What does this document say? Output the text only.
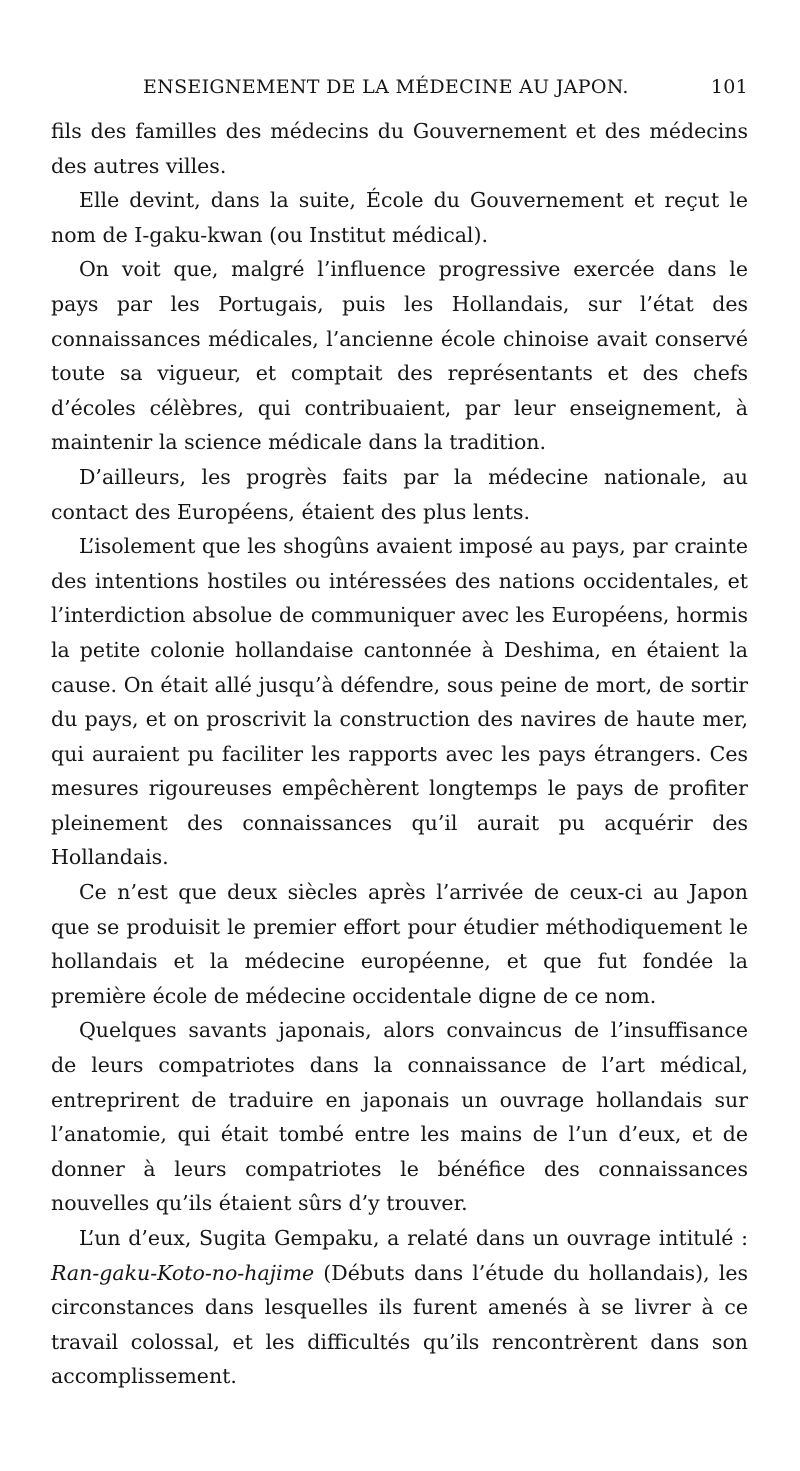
ENSEIGNEMENT DE LA MÉDECINE AU JAPON.	101

fils des familles des médecins du Gouvernement et des médecins des autres villes.

Elle devint, dans la suite, École du Gouvernement et reçut le nom de I-gaku-kwan (ou Institut médical).

On voit que, malgré l’influence progressive exercée dans le pays par les Portugais, puis les Hollandais, sur l’état des connaissances médicales, l’ancienne école chinoise avait conservé toute sa vigueur, et comptait des représentants et des chefs d’écoles célèbres, qui contribuaient, par leur enseignement, à maintenir la science médicale dans la tradition.

D’ailleurs, les progrès faits par la médecine nationale, au contact des Européens, étaient des plus lents.

L’isolement que les shogûns avaient imposé au pays, par crainte des intentions hostiles ou intéressées des nations occidentales, et l’interdiction absolue de communiquer avec les Européens, hormis la petite colonie hollandaise cantonnée à Deshima, en étaient la cause. On était allé jusqu’à défendre, sous peine de mort, de sortir du pays, et on proscrivit la construction des navires de haute mer, qui auraient pu faciliter les rapports avec les pays étrangers. Ces mesures rigoureuses empêchèrent longtemps le pays de profiter pleinement des connaissances qu’il aurait pu acquérir des Hollandais.

Ce n’est que deux siècles après l’arrivée de ceux-ci au Japon que se produisit le premier effort pour étudier méthodiquement le hollandais et la médecine européenne, et que fut fondée la première école de médecine occidentale digne de ce nom.

Quelques savants japonais, alors convaincus de l’insuffisance de leurs compatriotes dans la connaissance de l’art médical, entreprirent de traduire en japonais un ouvrage hollandais sur l’anatomie, qui était tombé entre les mains de l’un d’eux, et de donner à leurs compatriotes le bénéfice des connaissances nouvelles qu’ils étaient sûrs d’y trouver.

L’un d’eux, Sugita Gempaku, a relaté dans un ouvrage intitulé : Ran-gaku-Koto-no-hajime (Débuts dans l’étude du hollandais), les circonstances dans lesquelles ils furent amenés à se livrer à ce travail colossal, et les difficultés qu’ils rencontrèrent dans son accomplissement.
